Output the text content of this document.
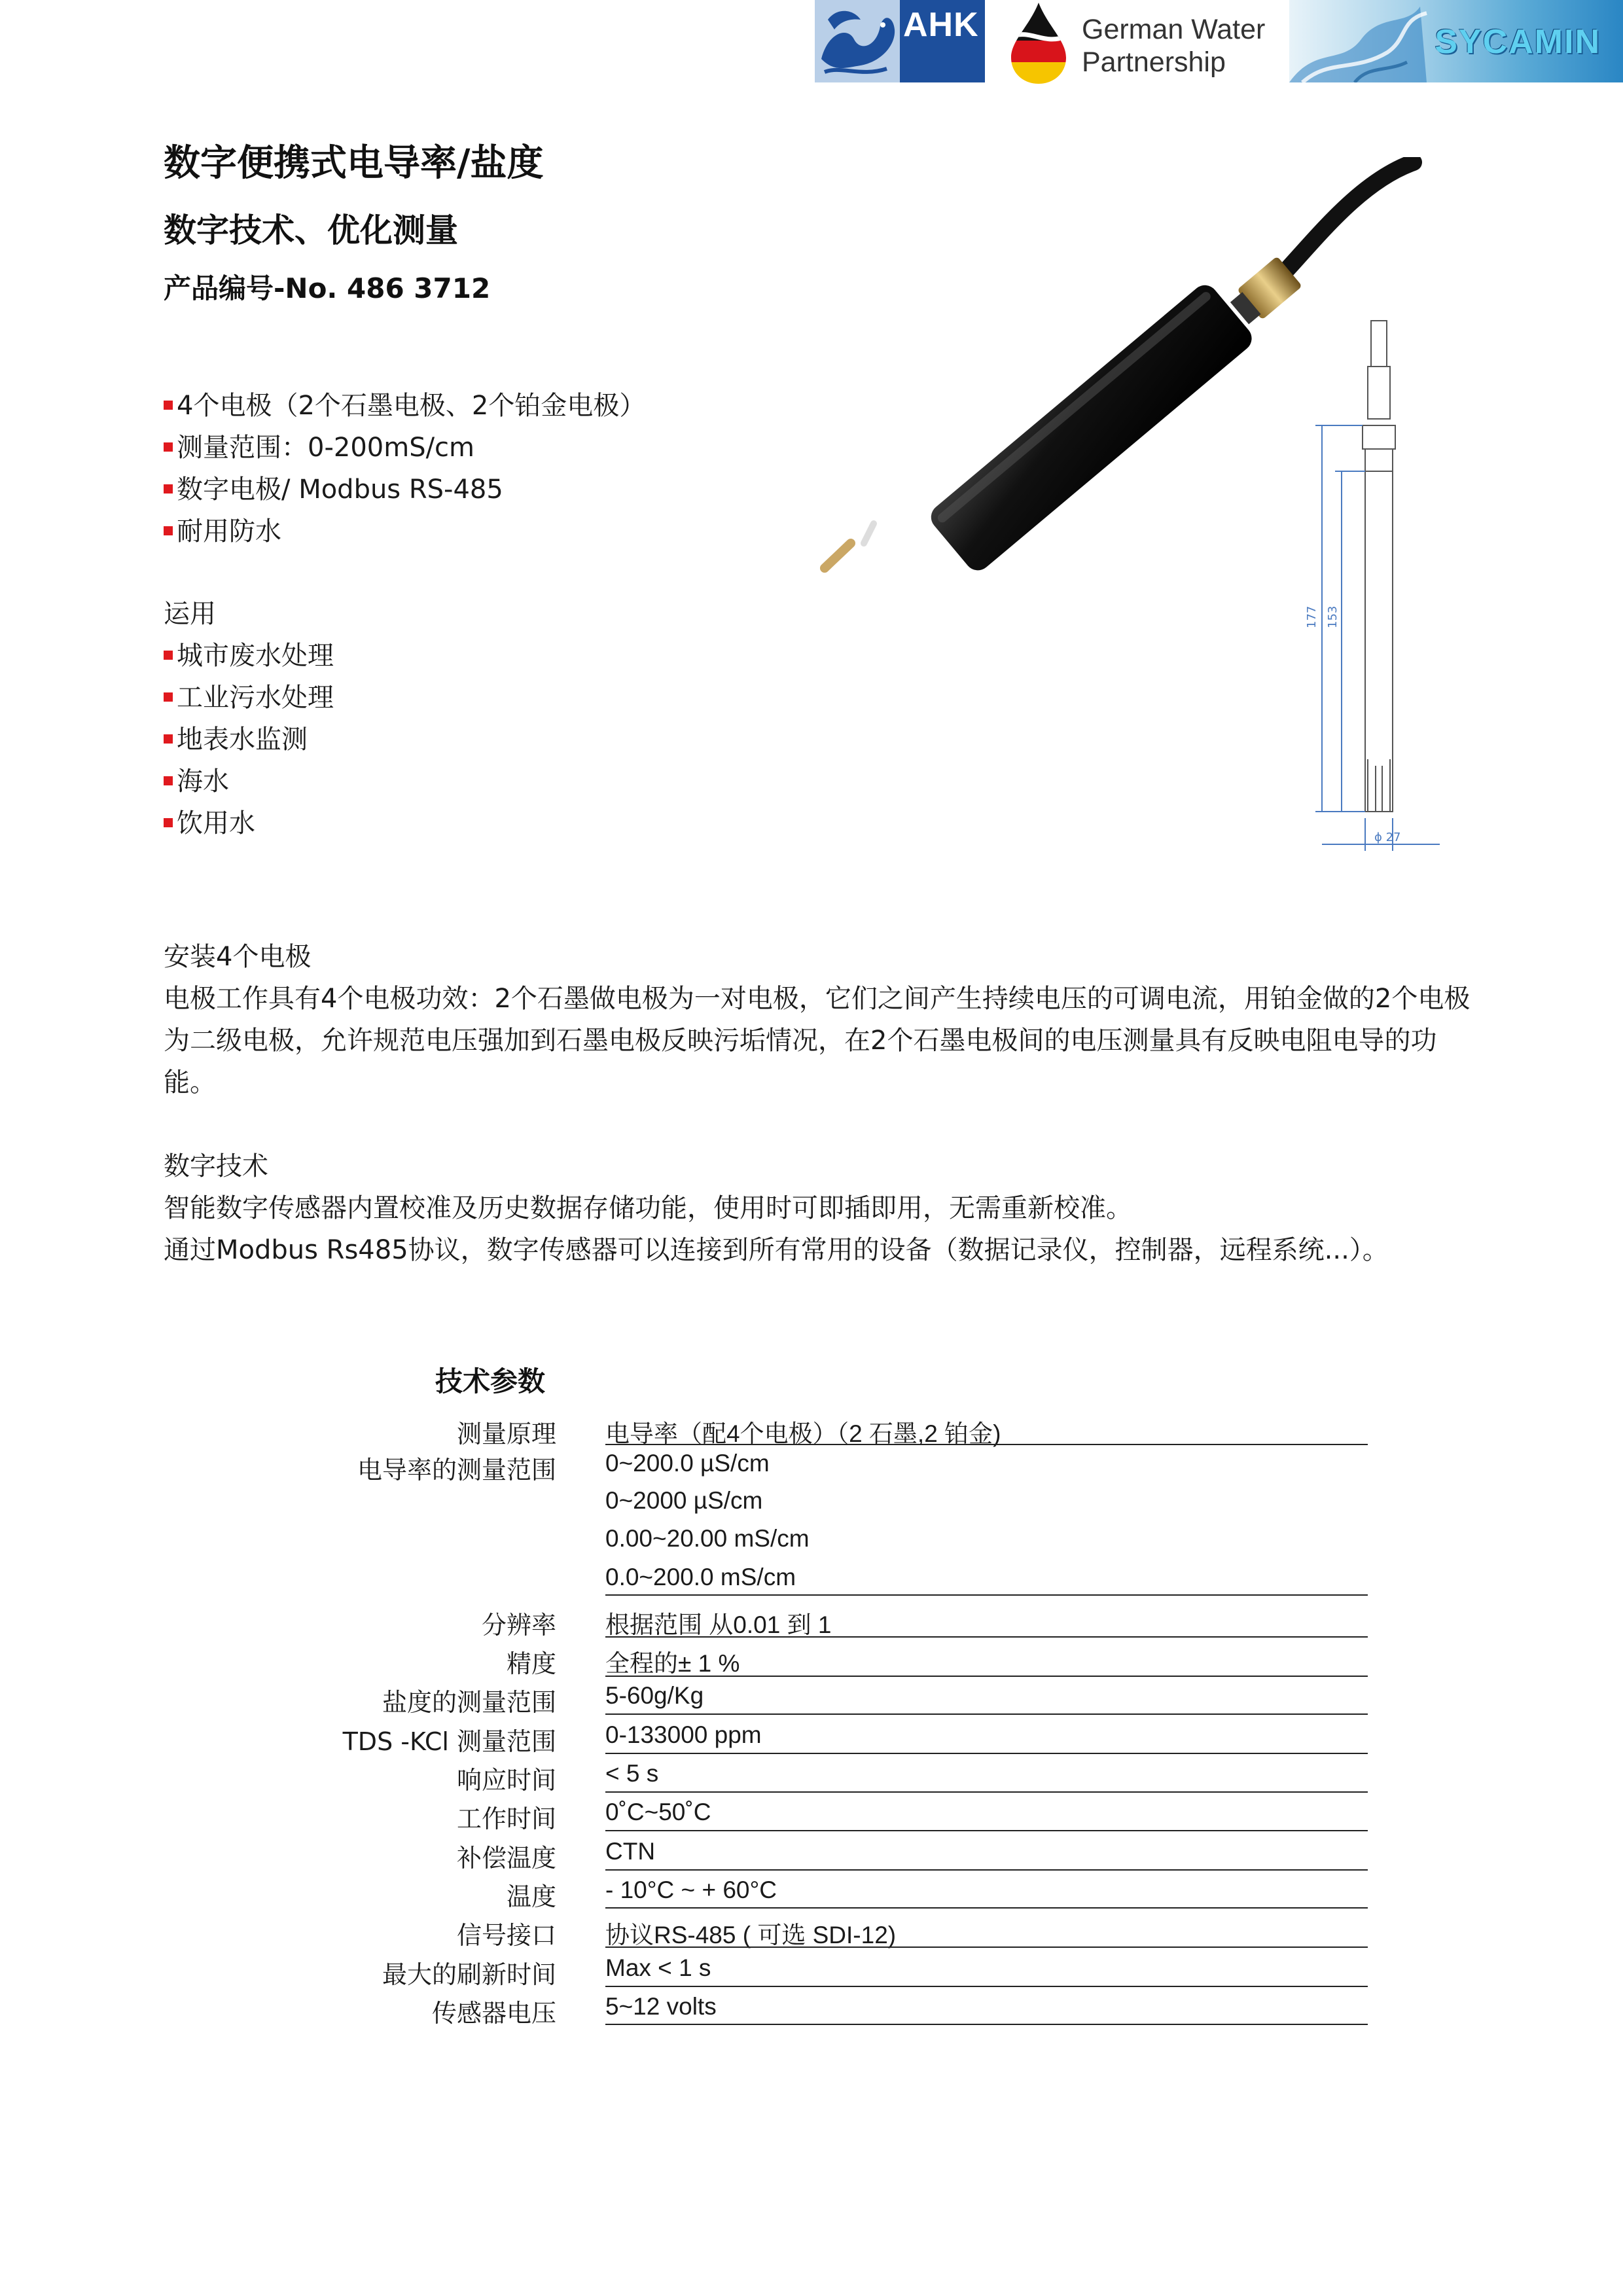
AHK	German Water
Partnership
SYCAMIN
数字便携式电导率/盐度
数字技术、优化测量
产品编号-No. 486 3712
4个电极（2个石墨电极、2个铂金电极）
测量范围：0-200mS/cm
数字电极/ Modbus RS-485
耐用防水
运用
城市废水处理
工业污水处理
地表水监测
海水
饮用水
177 153
ϕ 27
安装4个电极
电极工作具有4个电极功效：2个石墨做电极为一对电极，它们之间产生持续电压的可调电流，用铂金做的2个电极为二级电极，允许规范电压强加到石墨电极反映污垢情况，在2个石墨电极间的电压测量具有反映电阻电导的功能。
数字技术
智能数字传感器内置校准及历史数据存储功能，使用时可即插即用，无需重新校准。
通过Modbus Rs485协议，数字传感器可以连接到所有常用的设备（数据记录仪，控制器，远程系统...）。
技术参数
测量原理 电导率（配4个电极）（2 石墨,2 铂金)
电导率的测量范围 0~200.0 µS/cm
0~2000 µS/cm
0.00~20.00 mS/cm
0.0~200.0 mS/cm
分辨率 根据范围 从0.01 到 1
精度 全程的± 1 %
盐度的测量范围 5-60g/Kg
TDS -KCl 测量范围 0-133000 ppm
响应时间 < 5 s
工作时间 0˚C~50˚C
补偿温度 CTN
温度 - 10°C ~ + 60°C
信号接口 协议RS-485 ( 可选 SDI-12)
最大的刷新时间 Max < 1 s
传感器电压 5~12 volts
